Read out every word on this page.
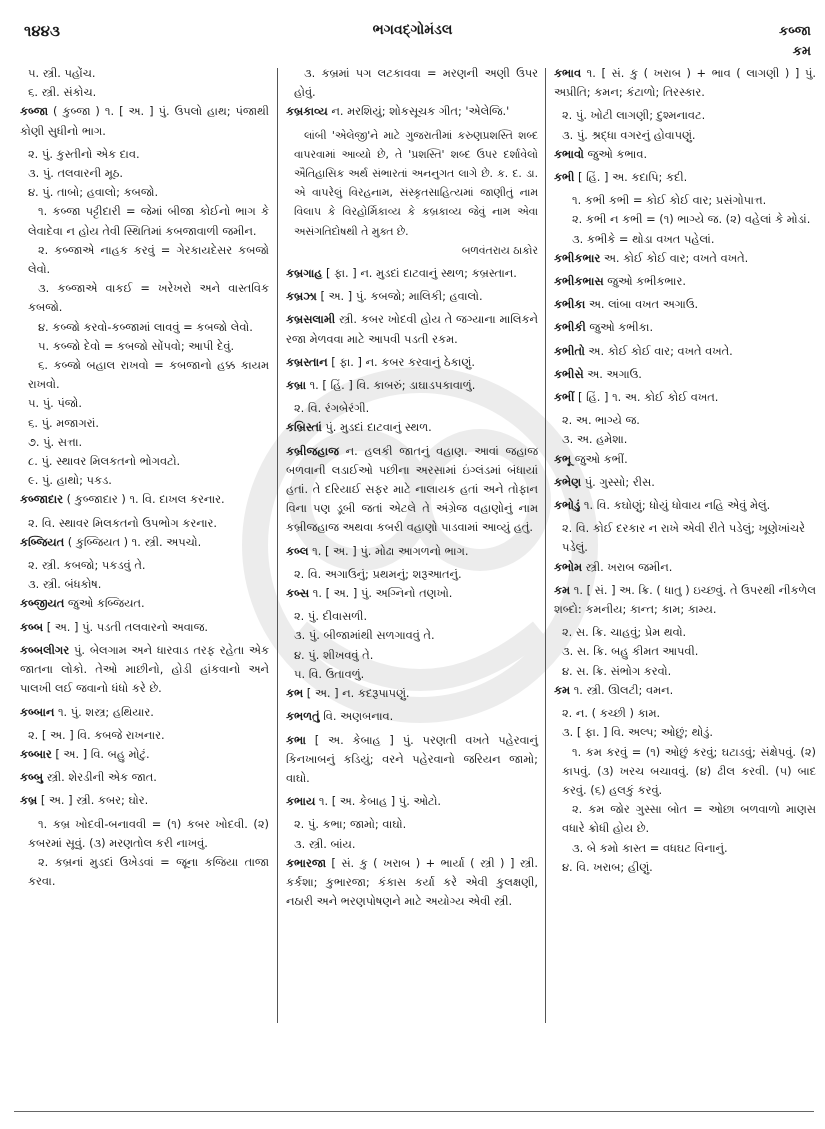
૧૪૪૩	ભગવદ્ગોમંડલ	કબ્જા
કમ

૫. સ્ત્રી. પહોંચ.

૬. સ્ત્રી. સંકોચ.

કબ્જા ( કુબ્જા ) ૧. [ અ. ] પું. ઉપલો હાથ; પંજાથી કોણી સુધીનો ભાગ.

૨. પું. કુસ્તીનો એક દાવ.

૩. પું. તલવારની મૂઠ.

૪. પું. તાબો; હવાલો; કબજો.

૧. કબ્જા પટ્ટીદારી = જેમાં બીજા કોઈનો ભાગ કે લેવાદેવા ન હોય તેવી સ્થિતિમાં કબજાવાળી જમીન.

૨. કબ્જાએ નાહક કરવું = ગેરકાયદેસર કબજો લેવો.

૩. કબ્જાએ વાકઈ = ખરેખરો અને વાસ્તવિક કબજો.

૪. કબ્જો કરવો-કબ્જામાં લાવવું = કબજો લેવો.

૫. કબ્જો દેવો = કબજો સોંપવો; આપી દેવું.

૬. કબ્જો બહાલ રાખવો = કબજાનો હક્ક કાયમ રાખવો.

૫. પું. પંજો.

૬. પું. મજાગરાં.

૭. પું. સત્તા.

૮. પું. સ્થાવર મિલકતનો ભોગવટો.

૯. પું. હાથો; પકડ.

કબ્જાદાર ( કુબ્જાદાર ) ૧. વિ. દાખલ કરનાર.

૨. વિ. સ્થાવર મિલકતનો ઉપભોગ કરનાર.

કબ્જિયત ( કુબ્જિયત ) ૧. સ્ત્રી. અપચો.

૨. સ્ત્રી. કબજો; પકડવું તે.

૩. સ્ત્રી. બંધકોષ.

કબ્જીયત જુઓ કબ્જિયત.

કબ્બ [ અ. ] પું. પડતી તલવારનો અવાજ.

કબ્બલીગર પું. બેલગામ અને ધારવાડ તરફ રહેતા એક જાતના લોકો. તેઓ માછીનો, હોડી હાંકવાનો અને પાલખી લઈ જવાનો ધંધો કરે છે.

કબ્બાન ૧. પું. શસ્ત્ર; હથિયાર.

૨. [ અ. ] વિ. કબજે રાખનાર.

કબ્બાર [ અ. ] વિ. બહુ મોટું.

કબ્બુ સ્ત્રી. શેરડીની એક જાત.

કબ્ર [ અ. ] સ્ત્રી. કબર; ઘોર.

૧. કબ્ર ખોદવી-બનાવવી = (૧) કબર ખોદવી. (૨) કબરમાં સૂવું. (૩) મરણતોલ કરી નાખવું.

૨. કબ્રનાં મુડદાં ઉખેડવાં = જૂના કજિયા તાજા કરવા.

૩. કબ્રમાં પગ લટકાવવા = મરણની અણી ઉપર હોવું.

કબ્રકાવ્ય ન. મરશિયું; શોકસૂચક ગીત; 'એલેજિ.'

લાંબી 'એલેજી'ને માટે ગુજરાતીમાં કરુણપ્રશસ્તિ શબ્દ વાપરવામાં આવ્યો છે, તે 'પ્રશસ્તિ' શબ્દ ઉપર દર્શાવેલો ઐતિહાસિક અર્થ સંભારતાં અનનુગત લાગે છે. ક. દ. ડા. એ વાપરેલું વિરહનામ, સંસ્કૃતસાહિત્યમાં જાણીતું નામ વિલાપ કે વિરહોર્મિકાવ્ય કે કબ્રકાવ્ય જેવું નામ એવા અસંગતિદોષથી તે મુક્ત છે.

બળવંતરાય ઠાકોર

કબ્રગાહ [ ફા. ] ન. મુડદાં દાટવાનું સ્થળ; કબ્રસ્તાન.

કબ્રઝા [ અ. ] પું. કબજો; માલિકી; હવાલો.

કબ્રસલામી સ્ત્રી. કબર ખોદવી હોય તે જગ્યાના માલિકને રજા મેળવવા માટે આપવી પડતી રકમ.

કબ્રસ્તાન [ ફા. ] ન. કબર કરવાનું ઠેકાણું.

કબ્રા ૧. [ હિં. ] વિ. કાબરું; ડાઘાડપકાવાળું.

૨. વિ. રંગબેરંગી.

કબ્રિસ્તાં પું. મુડદાં દાટવાનું સ્થળ.

કબ્રીજહાજ ન. હલકી જાતનું વહાણ. આવાં જહાજ બળવાની લડાઈઓ પછીના અરસામાં ઇંગ્લંડમાં બંધાયાં હતાં. તે દરિયાઈ સફર માટે નાલાયક હતાં અને તોફાન વિના પણ ડૂબી જતાં એટલે તે અંગ્રેજ વહાણોનું નામ કબ્રીજહાજ અથવા કબરી વહાણો પાડવામાં આવ્યું હતું.

કબ્લ ૧. [ અ. ] પું. મોઢા આગળનો ભાગ.

૨. વિ. અગાઉનું; પ્રથમનું; શરૂઆતનું.

કબ્સ ૧. [ અ. ] પું. અગ્નિનો તણખો.

૨. પું. દીવાસળી.

૩. પું. બીજામાંથી સળગાવવું તે.

૪. પું. શીખવવું તે.

૫. વિ. ઉતાવળું.

કભ [ અ. ] ન. કદરૂપાપણું.

કભળતું વિ. અણબનાવ.

કભા [ અ. કેબાહ ] પું. પરણતી વખતે પહેરવાનું કિનખાબનું કડિયું; વરને પહેરવાનો જરિયન જામો; વાઘો.

કભાય ૧. [ અ. કેબાહ ] પું. ઓટો.

૨. પું. કભા; જામો; વાઘો.

૩. સ્ત્રી. બાંય.

કભારજા [ સં. કુ ( ખરાબ ) + ભાર્યા ( સ્ત્રી ) ] સ્ત્રી. કર્કશા; કુભારજા; કંકાસ કર્યા કરે એવી કુલક્ષણી, નઠારી અને ભરણપોષણને માટે અયોગ્ય એવી સ્ત્રી.

કભાવ ૧. [ સં. કુ ( ખરાબ ) + ભાવ ( લાગણી ) ] પું. અપ્રીતિ; કમન; કંટાળો; તિરસ્કાર.

૨. પું. ખોટી લાગણી; દુશ્મનાવટ.

૩. પું. શ્રદ્ધા વગરનું હોવાપણું.

કભાવો જુઓ કભાવ.

કભી [ હિં. ] અ. કદાપિ; કદી.

૧. કભી કભી = કોઈ કોઈ વાર; પ્રસંગોપાત્ત.

૨. કભી ન કભી = (૧) ભાગ્યે જ. (૨) વહેલાં કે મોડાં.

૩. કભીકે = થોડા વખત પહેલાં.

કભીકભાર અ. કોઈ કોઈ વાર; વખતે વખતે.

કભીકભાસ જુઓ કભીકભાર.

કભીકા અ. લાંબા વખત અગાઉ.

કભીકી જુઓ કભીકા.

કભીતો અ. કોઈ કોઈ વાર; વખતે વખતે.

કભીસે અ. અગાઉ.

કભીં [ હિં. ] ૧. અ. કોઈ કોઈ વખત.

૨. અ. ભાગ્યે જ.

૩. અ. હમેશા.

કભૂ જુઓ કભીં.

કભેણ પું. ગુસ્સો; રીસ.

કભોડું ૧. વિ. કઘોણું; ધોયું ધોવાય નહિ એવું મેલું.

૨. વિ. કોઈ દરકાર ન રાખે એવી રીતે પડેલું; ખૂણેખાંચરે પડેલું.

કભોમ સ્ત્રી. ખરાબ જમીન.

કમ ૧. [ સં. ] અ. ક્રિ. ( ધાતુ ) ઇચ્છવું. તે ઉપરથી નીકળેલ શબ્દો: કમનીય; કાન્ત; કામ; કામ્ય.

૨. સ. ક્રિ. ચાહવું; પ્રેમ થવો.

૩. સ. ક્રિ. બહુ કીમત આપવી.

૪. સ. ક્રિ. સંભોગ કરવો.

કમ ૧. સ્ત્રી. ઊલટી; વમન.

૨. ન. ( કચ્છી ) કામ.

૩. [ ફા. ] વિ. અલ્પ; ઓછું; થોડું.

૧. કમ કરવું = (૧) ઓછું કરવું; ઘટાડવું; સંક્ષેપવું. (૨) કાપવું. (૩) ખરચ બચાવવું. (૪) ઢીલ કરવી. (૫) બાદ કરવું. (૬) હલકું કરવું.

૨. કમ જોર ગુસ્સા બોત = ઓછા બળવાળો માણસ વધારે ક્રોધી હોય છે.

૩. બે કમો કાસ્ત = વધઘટ વિનાનું.

૪. વિ. ખરાબ; હીણું.
